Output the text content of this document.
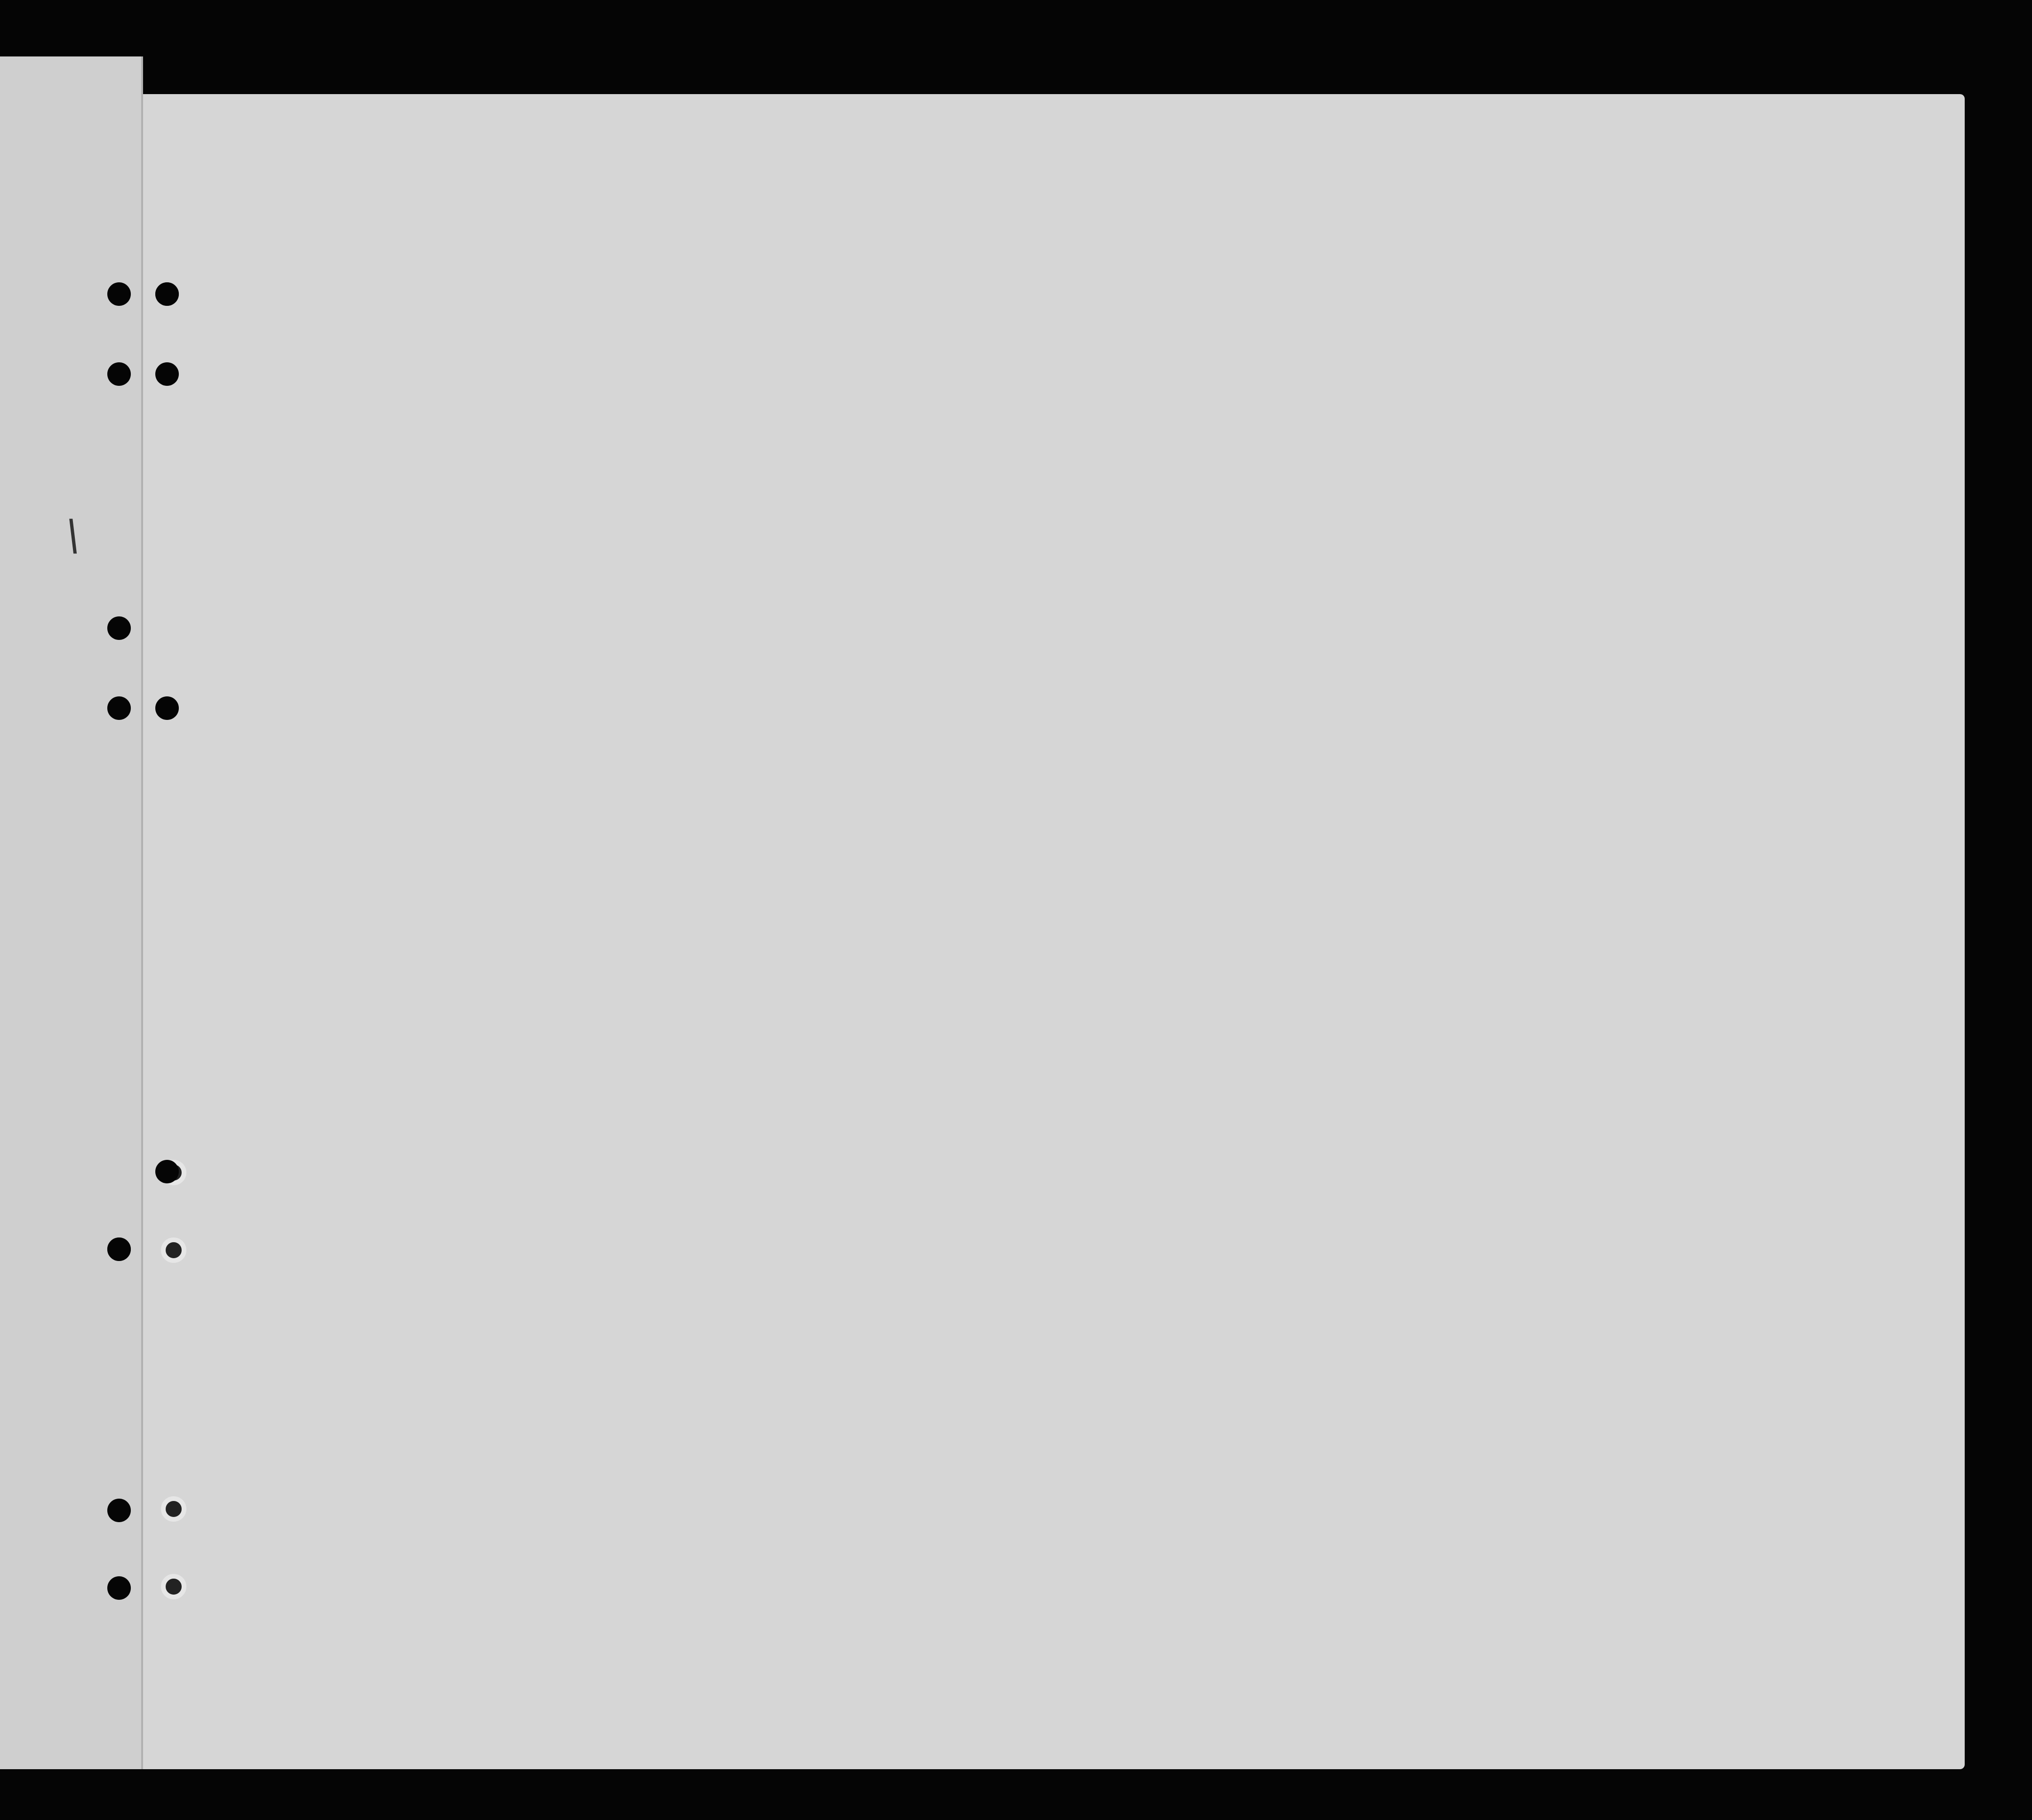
\
